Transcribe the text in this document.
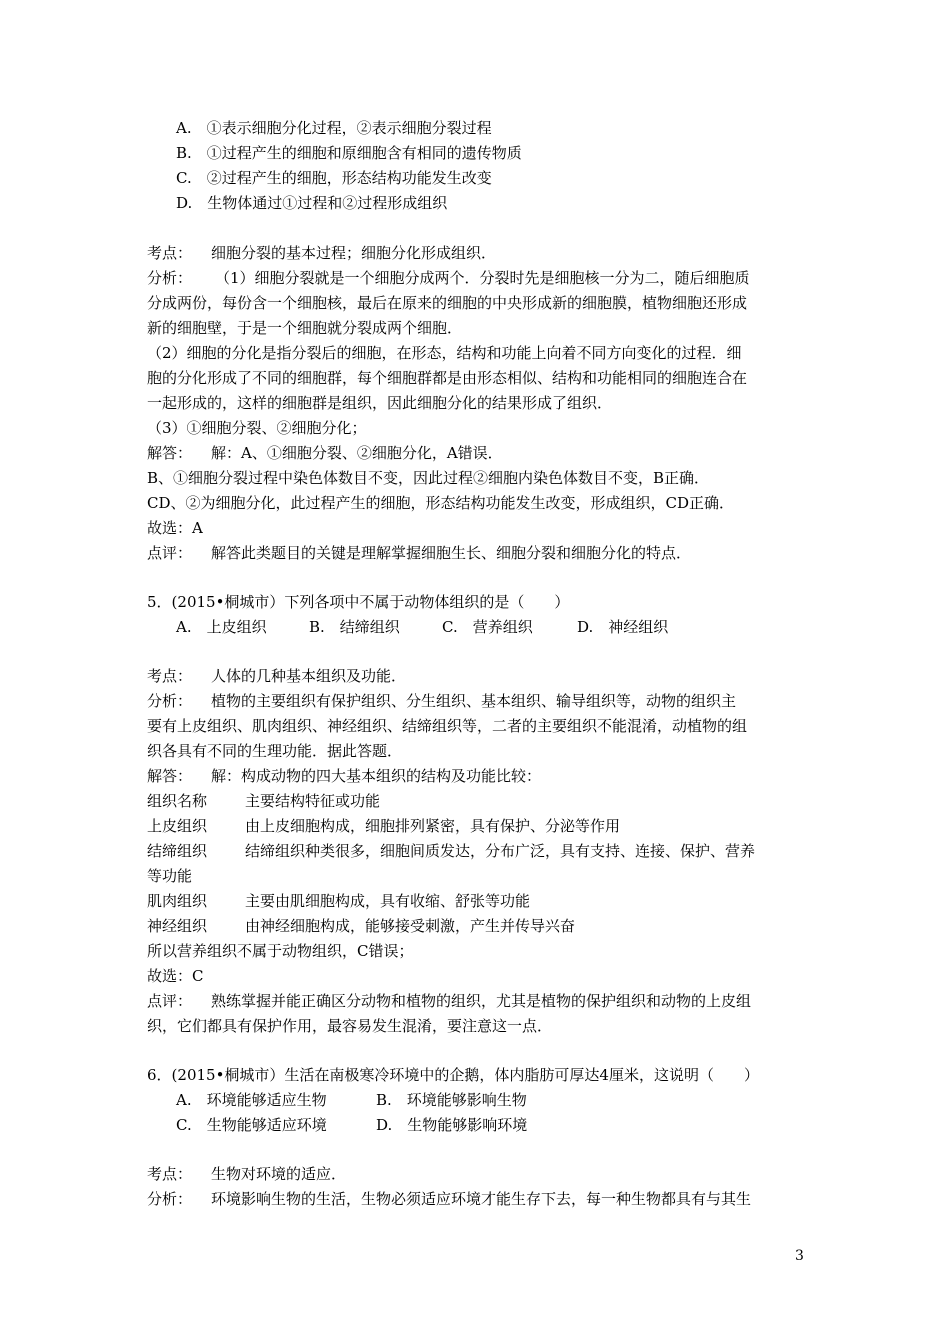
A.　①表示细胞分化过程，②表示细胞分裂过程
B.　①过程产生的细胞和原细胞含有相同的遗传物质
C.　②过程产生的细胞，形态结构功能发生改变
D.　生物体通过①过程和②过程形成组织
考点： 细胞分裂的基本过程；细胞分化形成组织．
分析： （1）细胞分裂就是一个细胞分成两个．分裂时先是细胞核一分为二，随后细胞质
分成两份，每份含一个细胞核，最后在原来的细胞的中央形成新的细胞膜，植物细胞还形成
新的细胞壁，于是一个细胞就分裂成两个细胞．
（2）细胞的分化是指分裂后的细胞，在形态，结构和功能上向着不同方向变化的过程．细
胞的分化形成了不同的细胞群，每个细胞群都是由形态相似、结构和功能相同的细胞连合在
一起形成的，这样的细胞群是组织，因此细胞分化的结果形成了组织．
（3）①细胞分裂、②细胞分化；
解答： 解：A、①细胞分裂、②细胞分化，A错误．
B、①细胞分裂过程中染色体数目不变，因此过程②细胞内染色体数目不变，B正确．
CD、②为细胞分化，此过程产生的细胞，形态结构功能发生改变，形成组织，CD正确．
故选：A
点评： 解答此类题目的关键是理解掌握细胞生长、细胞分裂和细胞分化的特点．
5．(2015•桐城市）下列各项中不属于动物体组织的是（　　）
A.　上皮组织	B.　结缔组织	C.　营养组织	D.　神经组织
考点： 人体的几种基本组织及功能．
分析： 植物的主要组织有保护组织、分生组织、基本组织、输导组织等，动物的组织主
要有上皮组织、肌肉组织、神经组织、结缔组织等，二者的主要组织不能混淆，动植物的组
织各具有不同的生理功能．据此答题．
解答： 解：构成动物的四大基本组织的结构及功能比较：
组织名称	主要结构特征或功能
上皮组织	由上皮细胞构成，细胞排列紧密，具有保护、分泌等作用
结缔组织	结缔组织种类很多，细胞间质发达，分布广泛，具有支持、连接、保护、营养
等功能
肌肉组织	主要由肌细胞构成，具有收缩、舒张等功能
神经组织	由神经细胞构成，能够接受刺激，产生并传导兴奋
所以营养组织不属于动物组织，C错误；
故选：C
点评： 熟练掌握并能正确区分动物和植物的组织，尤其是植物的保护组织和动物的上皮组
织，它们都具有保护作用，最容易发生混淆，要注意这一点．
6．(2015•桐城市）生活在南极寒冷环境中的企鹅，体内脂肪可厚达4厘米，这说明（　　）
A.　环境能够适应生物	B.　环境能够影响生物
C.　生物能够适应环境	D.　生物能够影响环境
考点： 生物对环境的适应．
分析： 环境影响生物的生活，生物必须适应环境才能生存下去，每一种生物都具有与其生
3
